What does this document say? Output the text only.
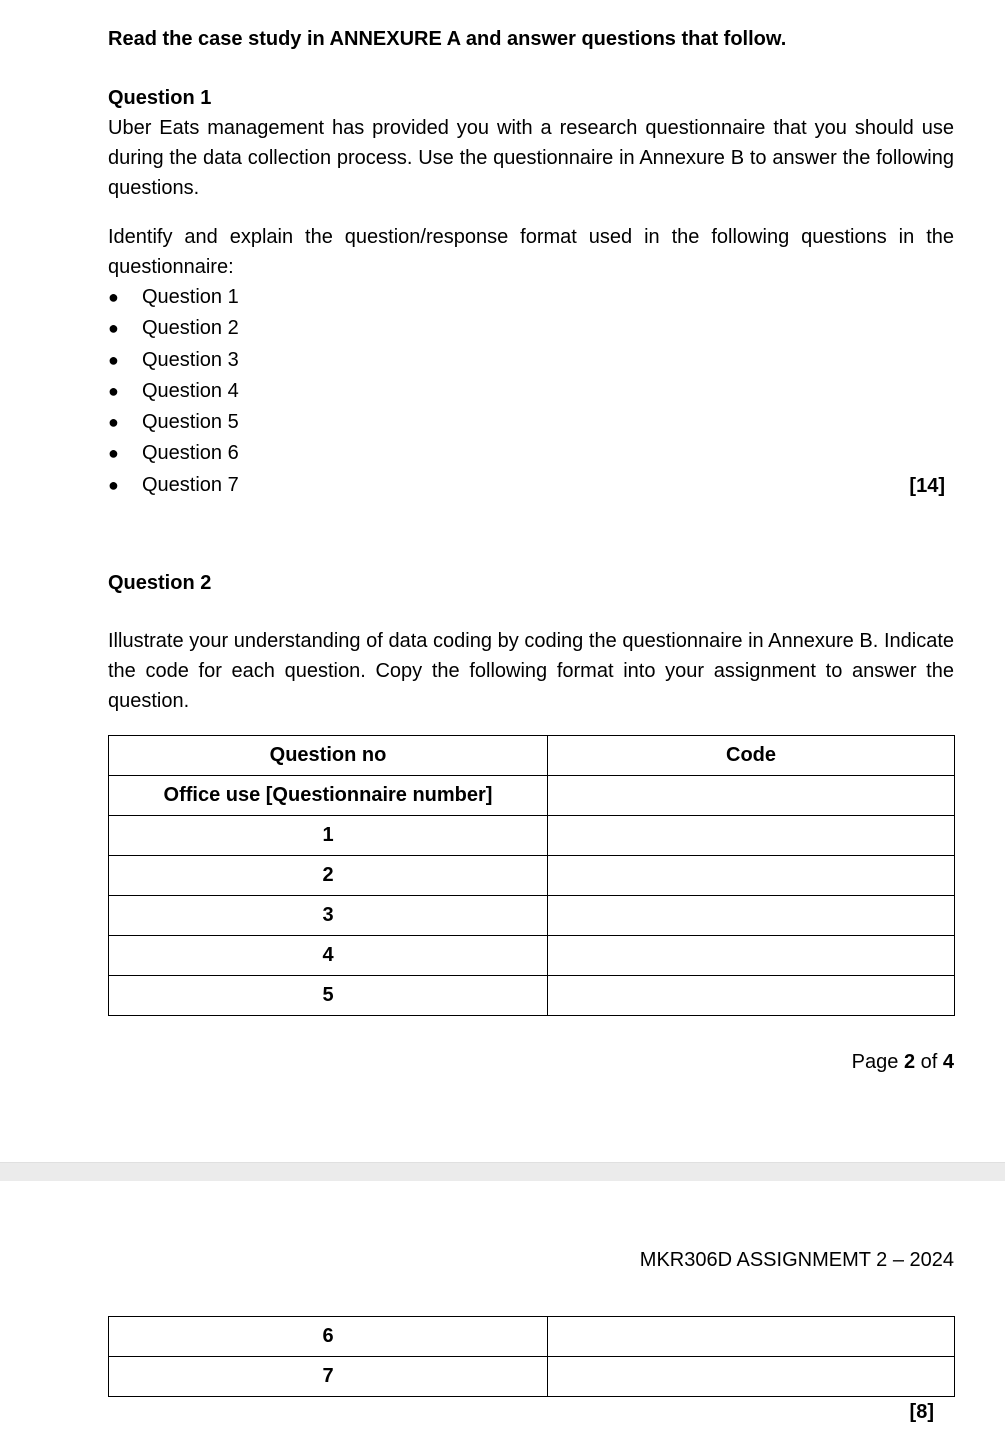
Read the case study in ANNEXURE A and answer questions that follow.
Question 1
Uber Eats management has provided you with a research questionnaire that you should use during the data collection process. Use the questionnaire in Annexure B to answer the following questions.
Identify and explain the question/response format used in the following questions in the questionnaire:
●	Question 1
●	Question 2
●	Question 3
●	Question 4
●	Question 5
●	Question 6
●	Question 7	[14]
Question 2
Illustrate your understanding of data coding by coding the questionnaire in Annexure B. Indicate the code for each question. Copy the following format into your assignment to answer the question.
Question no	Code
Office use [Questionnaire number]	
1	
2	
3	
4	
5	
Page 2 of 4
MKR306D ASSIGNMEMT 2 – 2024
6	
7	
[8]
